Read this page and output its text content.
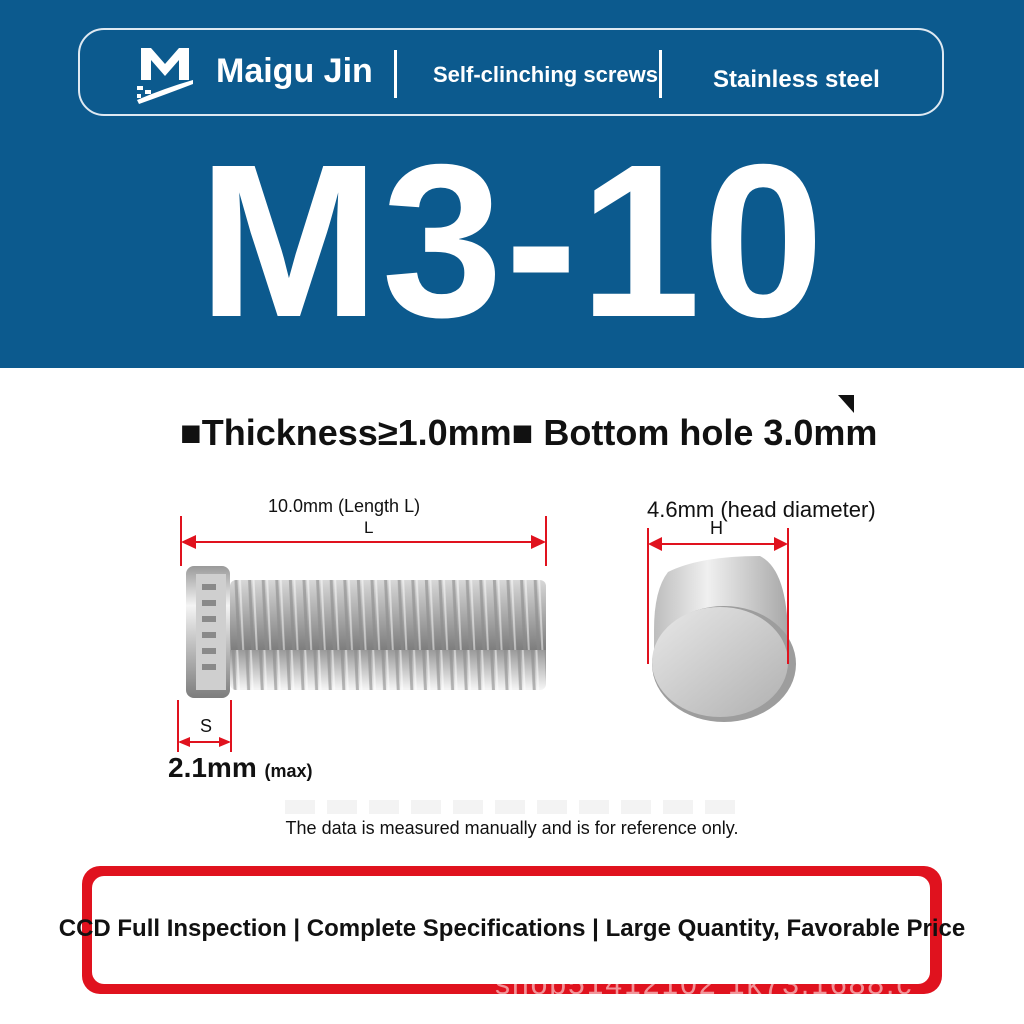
Maigu Jin	Self-clinching screws Stainless steel
M3-10
■Thickness≥1.0mm■ Bottom hole 3.0mm
10.0mm (Length L)
L
4.6mm (head diameter)
H
S
2.1mm (max)
The data is measured manually and is for reference only.
CCD Full Inspection | Complete Specifications | Large Quantity, Favorable Price
shop51412102 1k73.1688.c
